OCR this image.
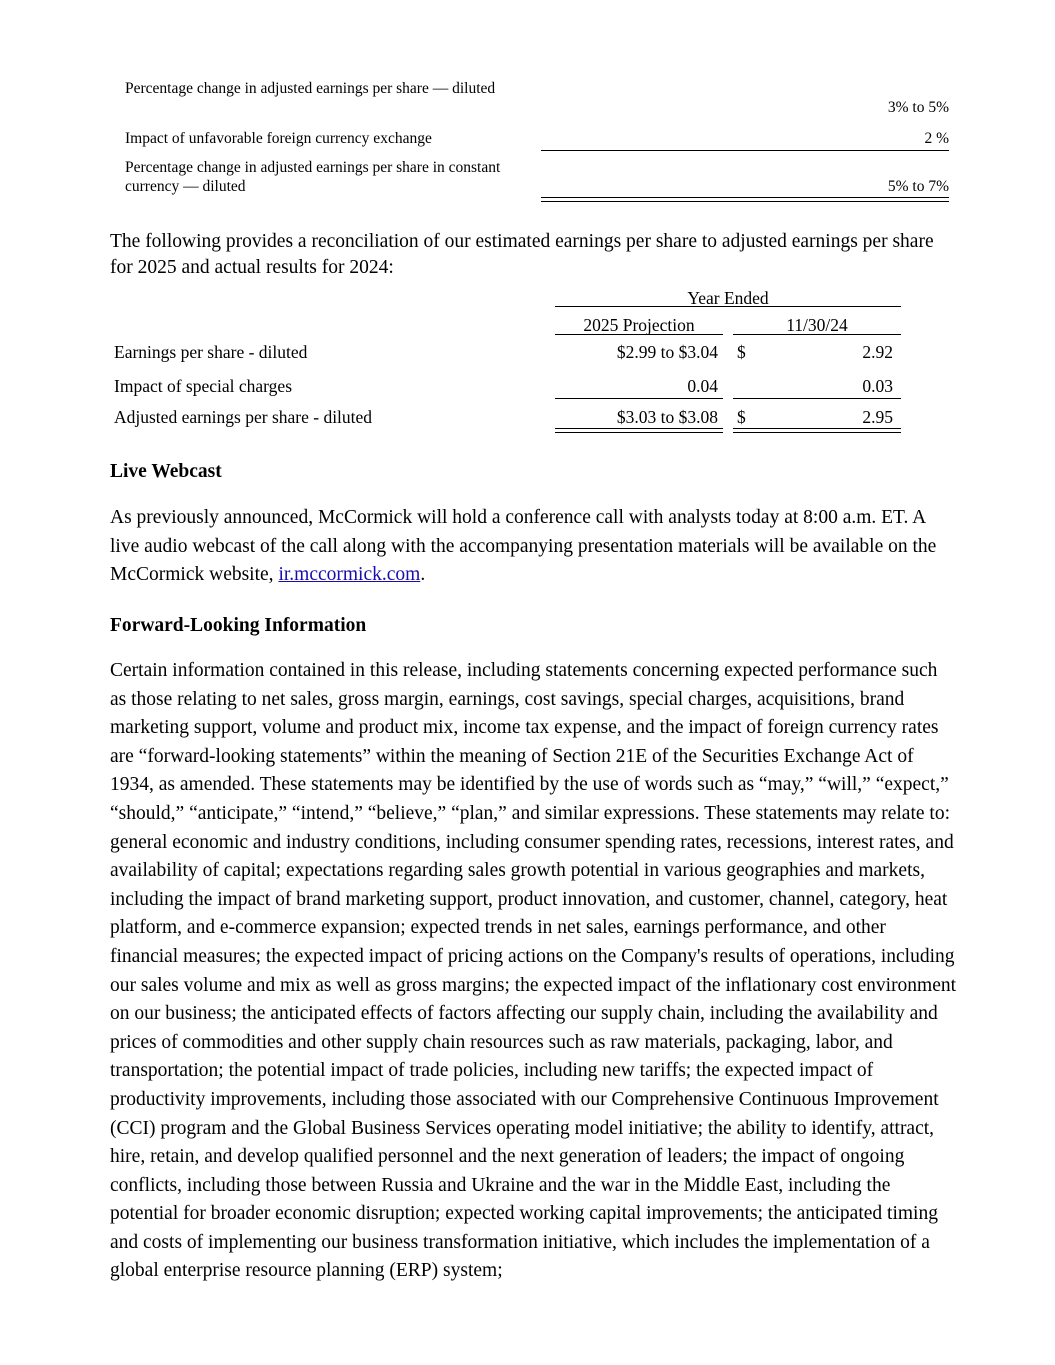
Percentage change in adjusted earnings per share — diluted
3% to 5%
Impact of unfavorable foreign currency exchange	2 %
Percentage change in adjusted earnings per share in constant currency — diluted	5% to 7%
The following provides a reconciliation of our estimated earnings per share to adjusted earnings per share for 2025 and actual results for 2024:
Year Ended
2025 Projection	11/30/24
Earnings per share - diluted	$2.99 to $3.04 $	2.92
Impact of special charges	0.04	0.03
Adjusted earnings per share - diluted	$3.03 to $3.08 $	2.95
Live Webcast
As previously announced, McCormick will hold a conference call with analysts today at 8:00 a.m. ET. A live audio webcast of the call along with the accompanying presentation materials will be available on the McCormick website, ir.mccormick.com.
Forward-Looking Information
Certain information contained in this release, including statements concerning expected performance such as those relating to net sales, gross margin, earnings, cost savings, special charges, acquisitions, brand marketing support, volume and product mix, income tax expense, and the impact of foreign currency rates are “forward-looking statements” within the meaning of Section 21E of the Securities Exchange Act of 1934, as amended. These statements may be identified by the use of words such as “may,” “will,” “expect,” “should,” “anticipate,” “intend,” “believe,” “plan,” and similar expressions. These statements may relate to: general economic and industry conditions, including consumer spending rates, recessions, interest rates, and availability of capital; expectations regarding sales growth potential in various geographies and markets, including the impact of brand marketing support, product innovation, and customer, channel, category, heat platform, and e-commerce expansion; expected trends in net sales, earnings performance, and other financial measures; the expected impact of pricing actions on the Company's results of operations, including our sales volume and mix as well as gross margins; the expected impact of the inflationary cost environment on our business; the anticipated effects of factors affecting our supply chain, including the availability and prices of commodities and other supply chain resources such as raw materials, packaging, labor, and transportation; the potential impact of trade policies, including new tariffs; the expected impact of productivity improvements, including those associated with our Comprehensive Continuous Improvement (CCI) program and the Global Business Services operating model initiative; the ability to identify, attract, hire, retain, and develop qualified personnel and the next generation of leaders; the impact of ongoing conflicts, including those between Russia and Ukraine and the war in the Middle East, including the potential for broader economic disruption; expected working capital improvements; the anticipated timing and costs of implementing our business transformation initiative, which includes the implementation of a global enterprise resource planning (ERP) system;
